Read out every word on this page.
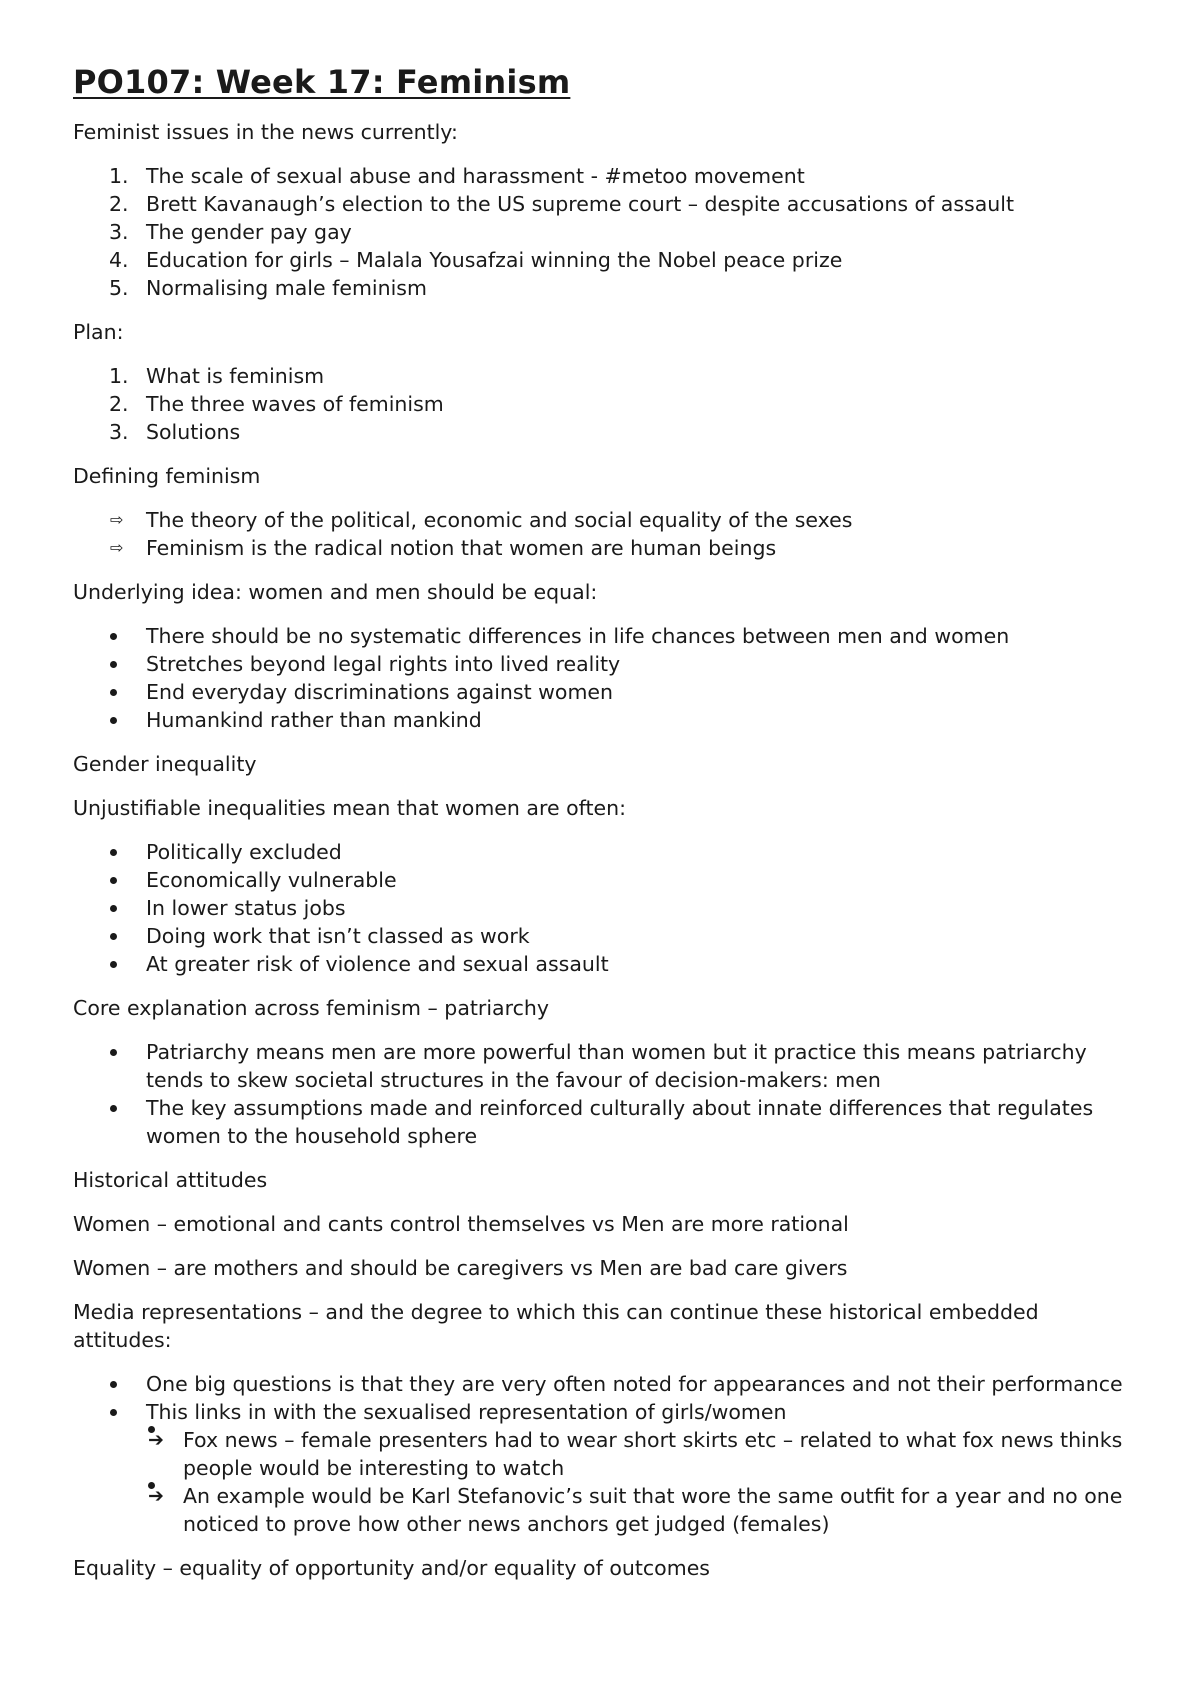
PO107: Week 17: Feminism

Feminist issues in the news currently:

1. The scale of sexual abuse and harassment - #metoo movement
2. Brett Kavanaugh’s election to the US supreme court – despite accusations of assault
3. The gender pay gay
4. Education for girls – Malala Yousafzai winning the Nobel peace prize
5. Normalising male feminism

Plan:

1. What is feminism
2. The three waves of feminism
3. Solutions

Defining feminism

⇨	The theory of the political, economic and social equality of the sexes
⇨	Feminism is the radical notion that women are human beings

Underlying idea: women and men should be equal:

There should be no systematic differences in life chances between men and women
Stretches beyond legal rights into lived reality
End everyday discriminations against women
Humankind rather than mankind

Gender inequality

Unjustifiable inequalities mean that women are often:

Politically excluded
Economically vulnerable
In lower status jobs
Doing work that isn’t classed as work
At greater risk of violence and sexual assault

Core explanation across feminism – patriarchy

Patriarchy means men are more powerful than women but it practice this means patriarchy tends to skew societal structures in the favour of decision-makers: men
The key assumptions made and reinforced culturally about innate differences that regulates women to the household sphere

Historical attitudes

Women – emotional and cants control themselves vs Men are more rational

Women – are mothers and should be caregivers vs Men are bad care givers

Media representations – and the degree to which this can continue these historical embedded attitudes:

One big questions is that they are very often noted for appearances and not their performance
This links in with the sexualised representation of girls/women
➔ Fox news – female presenters had to wear short skirts etc – related to what fox news thinks people would be interesting to watch
➔ An example would be Karl Stefanovic’s suit that wore the same outfit for a year and no one noticed to prove how other news anchors get judged (females)

Equality – equality of opportunity and/or equality of outcomes
